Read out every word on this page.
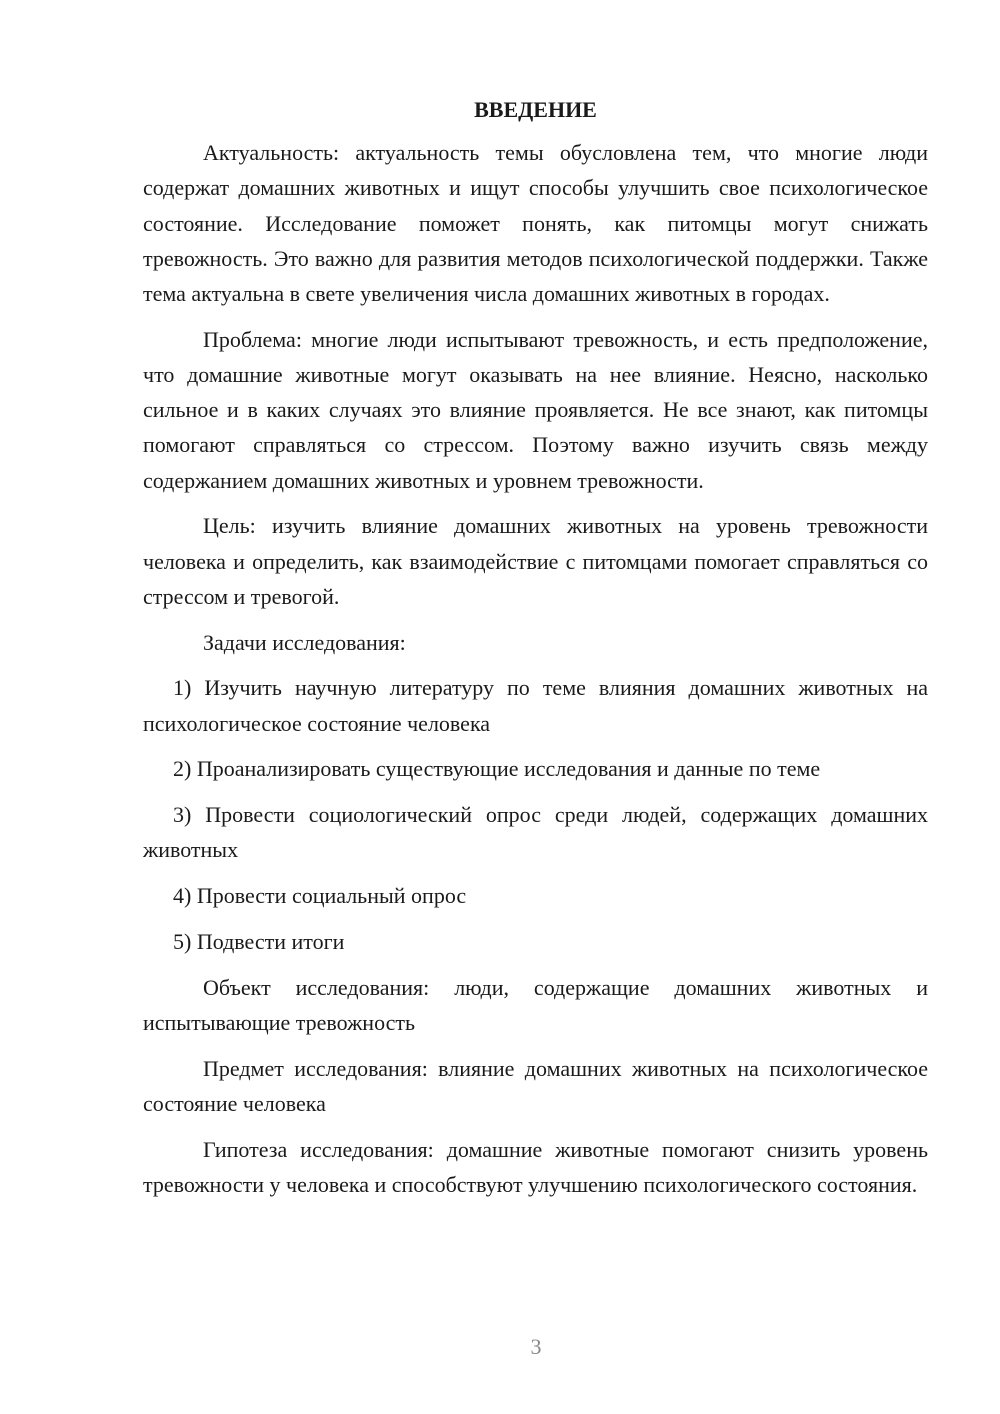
ВВЕДЕНИЕ

Актуальность: актуальность темы обусловлена тем, что многие люди содержат домашних животных и ищут способы улучшить свое психологическое состояние. Исследование поможет понять, как питомцы могут снижать тревожность. Это важно для развития методов психологической поддержки. Также тема актуальна в свете увеличения числа домашних животных в городах.

Проблема: многие люди испытывают тревожность, и есть предположение, что домашние животные могут оказывать на нее влияние. Неясно, насколько сильное и в каких случаях это влияние проявляется. Не все знают, как питомцы помогают справляться со стрессом. Поэтому важно изучить связь между содержанием домашних животных и уровнем тревожности.

Цель: изучить влияние домашних животных на уровень тревожности человека и определить, как взаимодействие с питомцами помогает справляться со стрессом и тревогой.

Задачи исследования:

1) Изучить научную литературу по теме влияния домашних животных на психологическое состояние человека

2) Проанализировать существующие исследования и данные по теме

3) Провести социологический опрос среди людей, содержащих домашних животных

4) Провести социальный опрос

5) Подвести итоги

Объект исследования: люди, содержащие домашних животных и испытывающие тревожность

Предмет исследования: влияние домашних животных на психологическое состояние человека

Гипотеза исследования: домашние животные помогают снизить уровень тревожности у человека и способствуют улучшению психологического состояния.

3
